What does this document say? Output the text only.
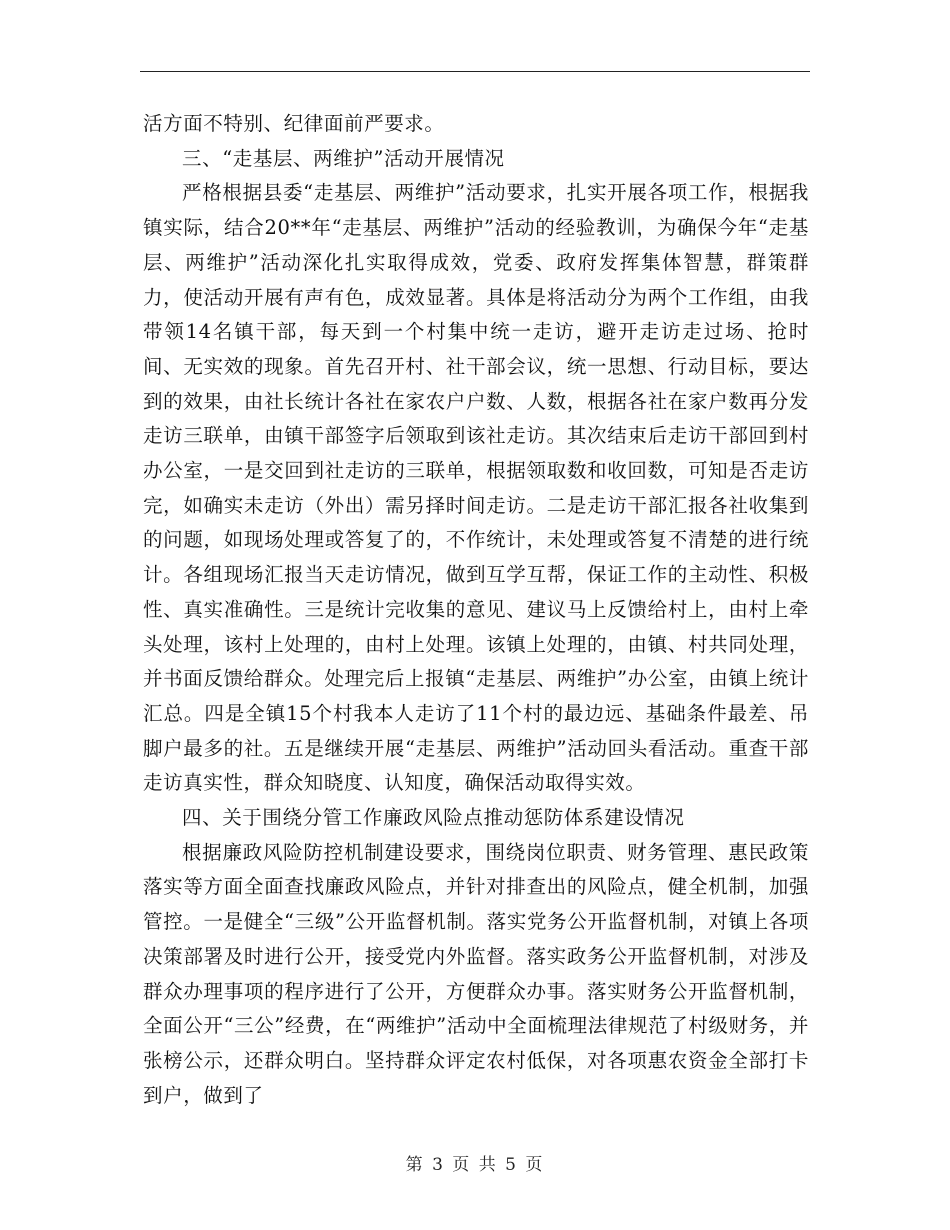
活方面不特别、纪律面前严要求。

三、“走基层、两维护”活动开展情况

严格根据县委“走基层、两维护”活动要求，扎实开展各项工作，根据我镇实际，结合20**年“走基层、两维护”活动的经验教训，为确保今年“走基层、两维护”活动深化扎实取得成效，党委、政府发挥集体智慧，群策群力，使活动开展有声有色，成效显著。具体是将活动分为两个工作组，由我带领14名镇干部，每天到一个村集中统一走访，避开走访走过场、抢时间、无实效的现象。首先召开村、社干部会议，统一思想、行动目标，要达到的效果，由社长统计各社在家农户户数、人数，根据各社在家户数再分发走访三联单，由镇干部签字后领取到该社走访。其次结束后走访干部回到村办公室，一是交回到社走访的三联单，根据领取数和收回数，可知是否走访完，如确实未走访（外出）需另择时间走访。二是走访干部汇报各社收集到的问题，如现场处理或答复了的，不作统计，未处理或答复不清楚的进行统计。各组现场汇报当天走访情况，做到互学互帮，保证工作的主动性、积极性、真实准确性。三是统计完收集的意见、建议马上反馈给村上，由村上牵头处理，该村上处理的，由村上处理。该镇上处理的，由镇、村共同处理，并书面反馈给群众。处理完后上报镇“走基层、两维护”办公室，由镇上统计汇总。四是全镇15个村我本人走访了11个村的最边远、基础条件最差、吊脚户最多的社。五是继续开展“走基层、两维护”活动回头看活动。重查干部走访真实性，群众知晓度、认知度，确保活动取得实效。

四、关于围绕分管工作廉政风险点推动惩防体系建设情况

根据廉政风险防控机制建设要求，围绕岗位职责、财务管理、惠民政策落实等方面全面查找廉政风险点，并针对排查出的风险点，健全机制，加强管控。一是健全“三级”公开监督机制。落实党务公开监督机制，对镇上各项决策部署及时进行公开，接受党内外监督。落实政务公开监督机制，对涉及群众办理事项的程序进行了公开，方便群众办事。落实财务公开监督机制，全面公开“三公”经费，在“两维护”活动中全面梳理法律规范了村级财务，并张榜公示，还群众明白。坚持群众评定农村低保，对各项惠农资金全部打卡到户，做到了

第 3 页 共 5 页
